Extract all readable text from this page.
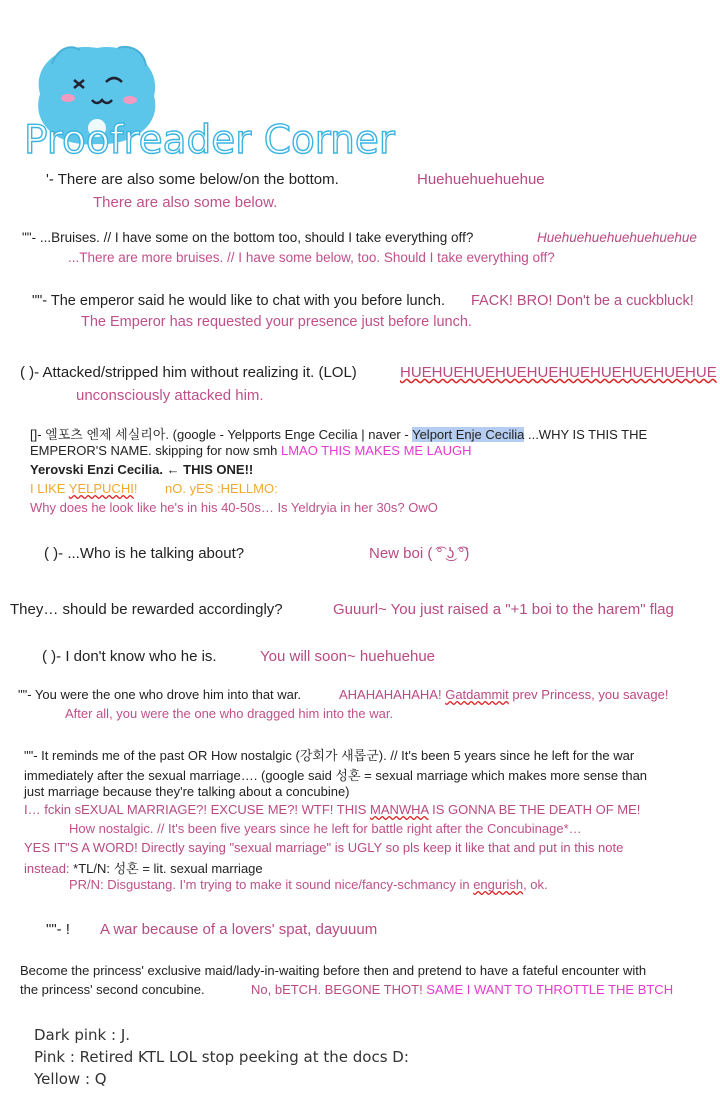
Proofreader Corner
'- There are also some below/on the bottom.	Huehuehuehuehue
There are also some below.
""- ...Bruises. // I have some on the bottom too, should I take everything off?	Huehuehuehuehuehuehue
...There are more bruises. // I have some below, too. Should I take everything off?
""- The emperor said he would like to chat with you before lunch. FACK! BRO! Don't be a cuckbluck!
The Emperor has requested your presence just before lunch.
( )- Attacked/stripped him without realizing it. (LOL)	HUEHUEHUEHUEHUEHUEHUEHUEHUEHUE
unconsciously attacked him.
[]- 엘포츠 엔제 세실리아. (google - Yelpports Enge Cecilia | naver - Yelport Enje Cecilia ...WHY IS THIS THE
EMPEROR'S NAME. skipping for now smh LMAO THIS MAKES ME LAUGH
Yerovski Enzi Cecilia. ← THIS ONE!!
I LIKE YELPUCHI! nO. yES :HELLMO:
Why does he look like he's in his 40-50s… Is Yeldryia in her 30s? OwO
( )- ...Who is he talking about?	New boi ( ͡° ͜ʖ ͡°)
They… should be rewarded accordingly?	Guuurl~ You just raised a "+1 boi to the harem" flag
( )- I don't know who he is.	You will soon~ huehuehue
""- You were the one who drove him into that war.	AHAHAHAHAHA! Gatdammit prev Princess, you savage!
After all, you were the one who dragged him into the war.
""- It reminds me of the past OR How nostalgic (강회가 새롭군). // It's been 5 years since he left for the war
immediately after the sexual marriage…. (google said 성혼 = sexual marriage which makes more sense than
just marriage because they're talking about a concubine)
I… fckin sEXUAL MARRIAGE?! EXCUSE ME?! WTF! THIS MANWHA IS GONNA BE THE DEATH OF ME!
How nostalgic. // It's been five years since he left for battle right after the Concubinage*…
YES IT"S A WORD! Directly saying "sexual marriage" is UGLY so pls keep it like that and put in this note
instead: *TL/N: 성혼 = lit. sexual marriage
PR/N: Disgustang. I'm trying to make it sound nice/fancy-schmancy in engurish, ok.
""- ! A war because of a lovers' spat, dayuuum
Become the princess' exclusive maid/lady-in-waiting before then and pretend to have a fateful encounter with
the princess' second concubine.	No, bETCH. BEGONE THOT! SAME I WANT TO THROTTLE THE BTCH
Dark pink : J.
Pink : Retired KTL LOL stop peeking at the docs D:
Yellow : Q
